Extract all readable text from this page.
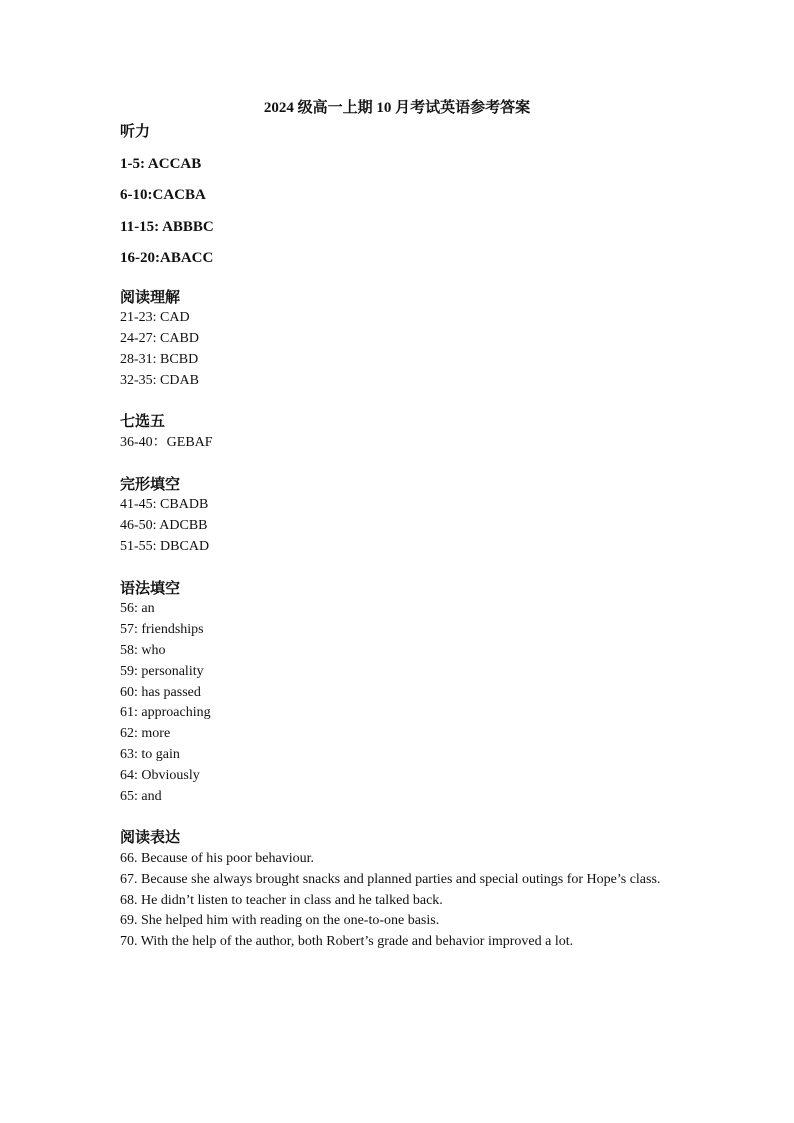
2024 级高一上期 10 月考试英语参考答案
听力
1-5: ACCAB
6-10:CACBA
11-15: ABBBC
16-20:ABACC
阅读理解
21-23: CAD
24-27: CABD
28-31: BCBD
32-35: CDAB
七选五
36-40：GEBAF
完形填空
41-45: CBADB
46-50: ADCBB
51-55: DBCAD
语法填空
56: an
57: friendships
58: who
59: personality
60: has passed
61: approaching
62: more
63: to gain
64: Obviously
65: and
阅读表达
66. Because of his poor behaviour.
67. Because she always brought snacks and planned parties and special outings for Hope’s class.
68. He didn’t listen to teacher in class and he talked back.
69. She helped him with reading on the one-to-one basis.
70. With the help of the author, both Robert’s grade and behavior improved a lot.
